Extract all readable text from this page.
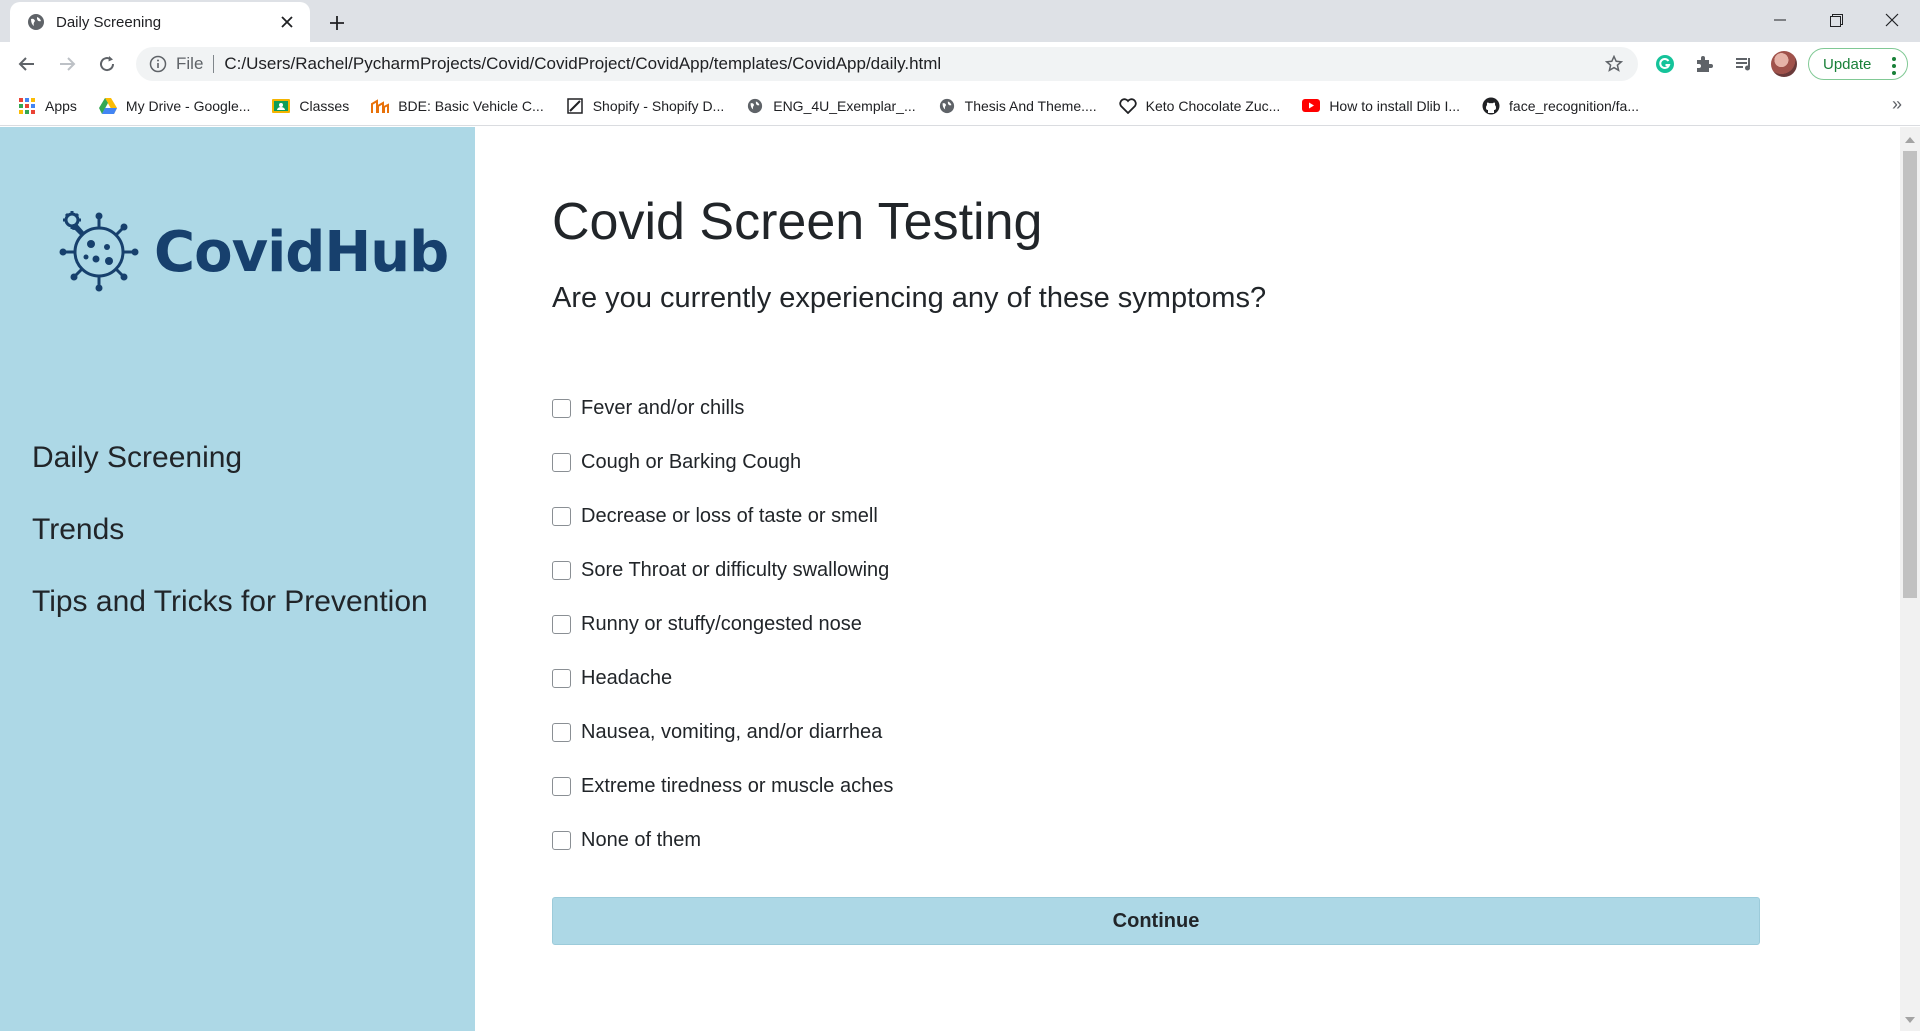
Daily Screening
File C:/Users/Rachel/PycharmProjects/Covid/CovidProject/CovidApp/templates/CovidApp/daily.html	Update
Apps	My Drive - Google...	Classes	BDE: Basic Vehicle C...	Shopify - Shopify D...	ENG_4U_Exemplar_...	Thesis And Theme....	Keto Chocolate Zuc...	How to install Dlib I...	face_recognition/fa...	»
CovidHub
Daily Screening
Trends
Tips and Tricks for Prevention
Covid Screen Testing
Are you currently experiencing any of these symptoms?
Fever and/or chills
Cough or Barking Cough
Decrease or loss of taste or smell
Sore Throat or difficulty swallowing
Runny or stuffy/congested nose
Headache
Nausea, vomiting, and/or diarrhea
Extreme tiredness or muscle aches
None of them
Continue
